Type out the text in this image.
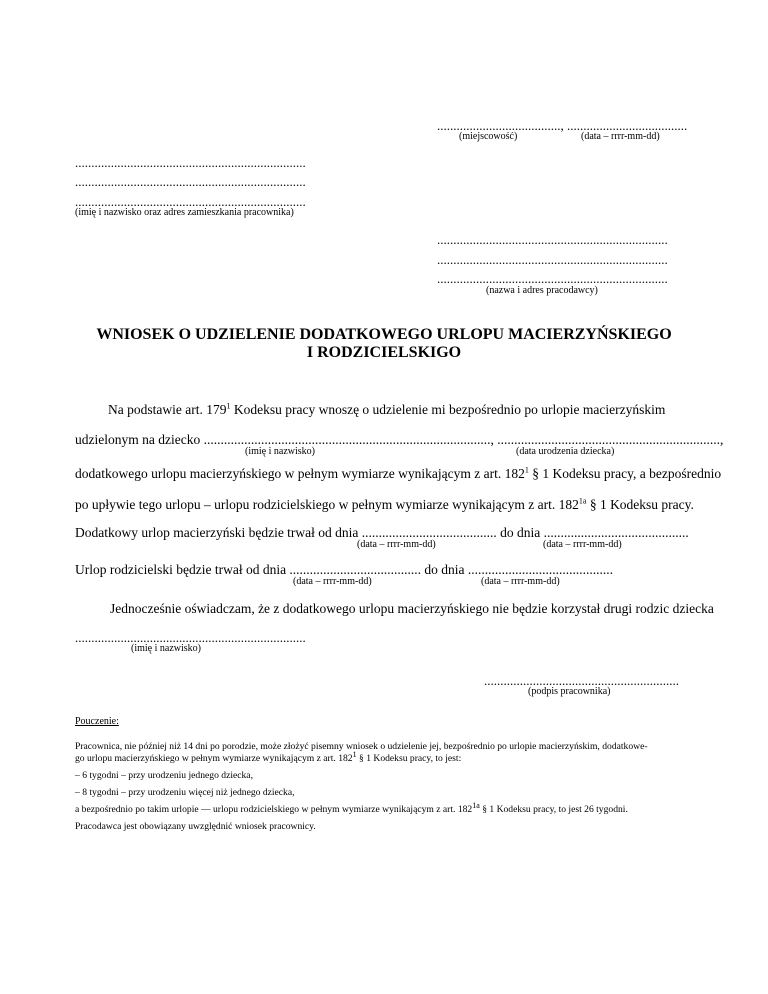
......................................, .....................................
(miejscowość)	(data – rrrr-mm-dd)
.......................................................................
.......................................................................
.......................................................................
(imię i nazwisko oraz adres zamieszkania pracownika)
.......................................................................
.......................................................................
.......................................................................
(nazwa i adres pracodawcy)
WNIOSEK O UDZIELENIE DODATKOWEGO URLOPU MACIERZYŃSKIEGO
I RODZICIELSKIGO
Na podstawie art. $179^1$ Kodeksu pracy wnoszę o udzielenie mi bezpośrednio po urlopie macierzyńskim
udzielonym na dziecko ....................................................................................., ..................................................................,
(imię i nazwisko)	(data urodzenia dziecka)
dodatkowego urlopu macierzyńskiego w pełnym wymiarze wynikającym z art. $182^1$ § 1 Kodeksu pracy, a bezpośrednio
po upływie tego urlopu – urlopu rodzicielskiego w pełnym wymiarze wynikającym z art. $182^{1a}$ § 1 Kodeksu pracy.
Dodatkowy urlop macierzyński będzie trwał od dnia ........................................ do dnia ...........................................
(data – rrrr-mm-dd)	(data – rrrr-mm-dd)
Urlop rodzicielski będzie trwał od dnia ....................................... do dnia ...........................................
(data – rrrr-mm-dd)	(data – rrrr-mm-dd)
Jednocześnie oświadczam, że z dodatkowego urlopu macierzyńskiego nie będzie korzystał drugi rodzic dziecka
.......................................................................
(imię i nazwisko)
............................................................
(podpis pracownika)
Pouczenie:
Pracownica, nie później niż 14 dni po porodzie, może złożyć pisemny wniosek o udzielenie jej, bezpośrednio po urlopie macierzyńskim, dodatkowe-
go urlopu macierzyńskiego w pełnym wymiarze wynikającym z art. $182^1$ § 1 Kodeksu pracy, to jest:
– 6 tygodni – przy urodzeniu jednego dziecka,
– 8 tygodni – przy urodzeniu więcej niż jednego dziecka,
a bezpośrednio po takim urlopie — urlopu rodzicielskiego w pełnym wymiarze wynikającym z art. $182^{1a}$ § 1 Kodeksu pracy, to jest 26 tygodni.
Pracodawca jest obowiązany uwzględnić wniosek pracownicy.
